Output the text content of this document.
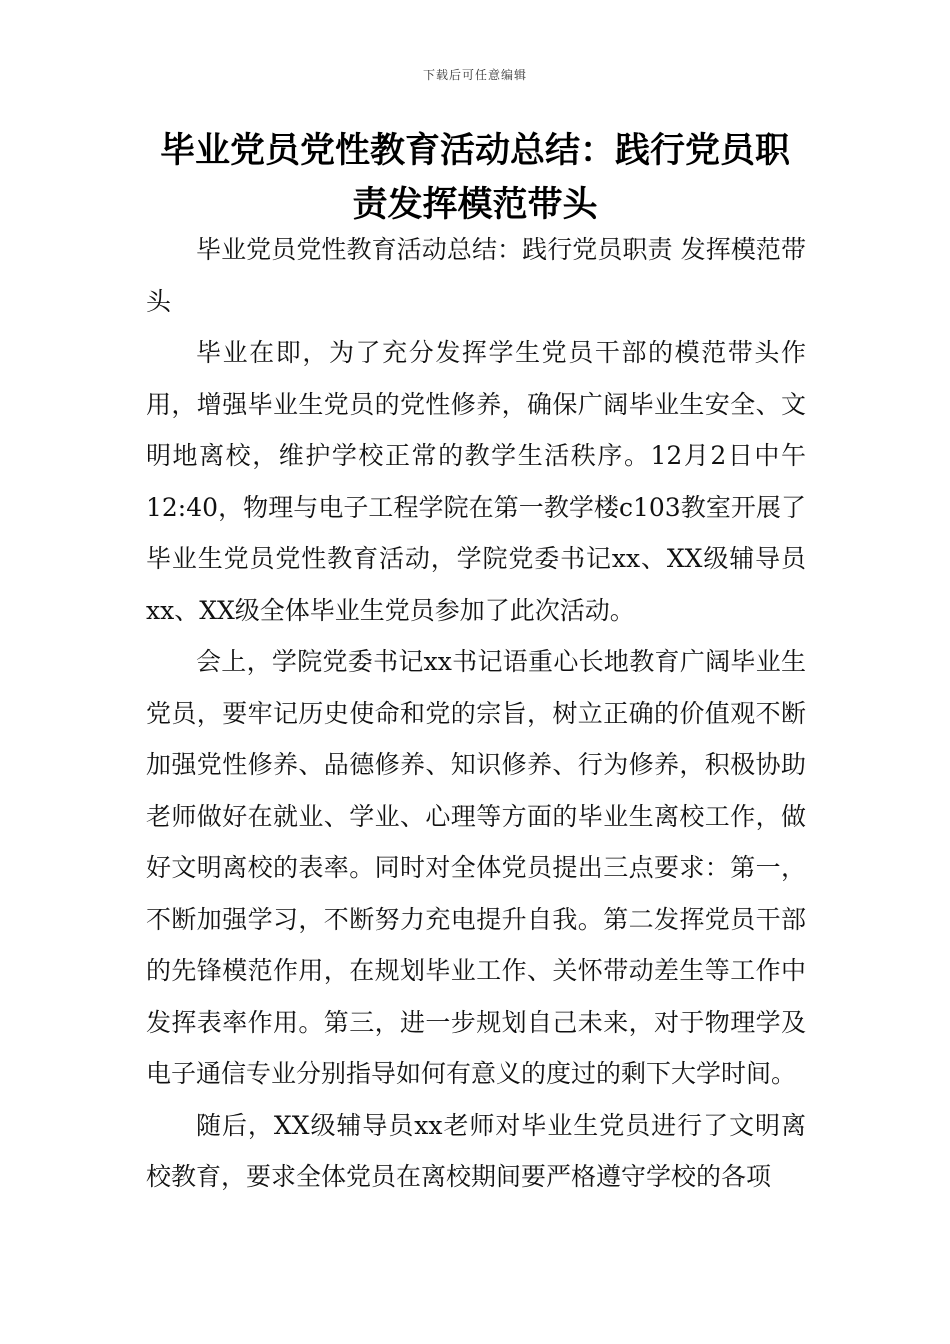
下载后可任意编辑
毕业党员党性教育活动总结：践行党员职责发挥模范带头

毕业党员党性教育活动总结：践行党员职责 发挥模范带头

毕业在即，为了充分发挥学生党员干部的模范带头作用，增强毕业生党员的党性修养，确保广阔毕业生安全、文明地离校，维护学校正常的教学生活秩序。12月2日中午12:40，物理与电子工程学院在第一教学楼c103教室开展了毕业生党员党性教育活动，学院党委书记xx、XX级辅导员xx、XX级全体毕业生党员参加了此次活动。

会上，学院党委书记xx书记语重心长地教育广阔毕业生党员，要牢记历史使命和党的宗旨，树立正确的价值观不断加强党性修养、品德修养、知识修养、行为修养，积极协助老师做好在就业、学业、心理等方面的毕业生离校工作，做好文明离校的表率。同时对全体党员提出三点要求：第一，不断加强学习，不断努力充电提升自我。第二发挥党员干部的先锋模范作用，在规划毕业工作、关怀带动差生等工作中发挥表率作用。第三，进一步规划自己未来，对于物理学及电子通信专业分别指导如何有意义的度过的剩下大学时间。

随后，XX级辅导员xx老师对毕业生党员进行了文明离校教育，要求全体党员在离校期间要严格遵守学校的各项
